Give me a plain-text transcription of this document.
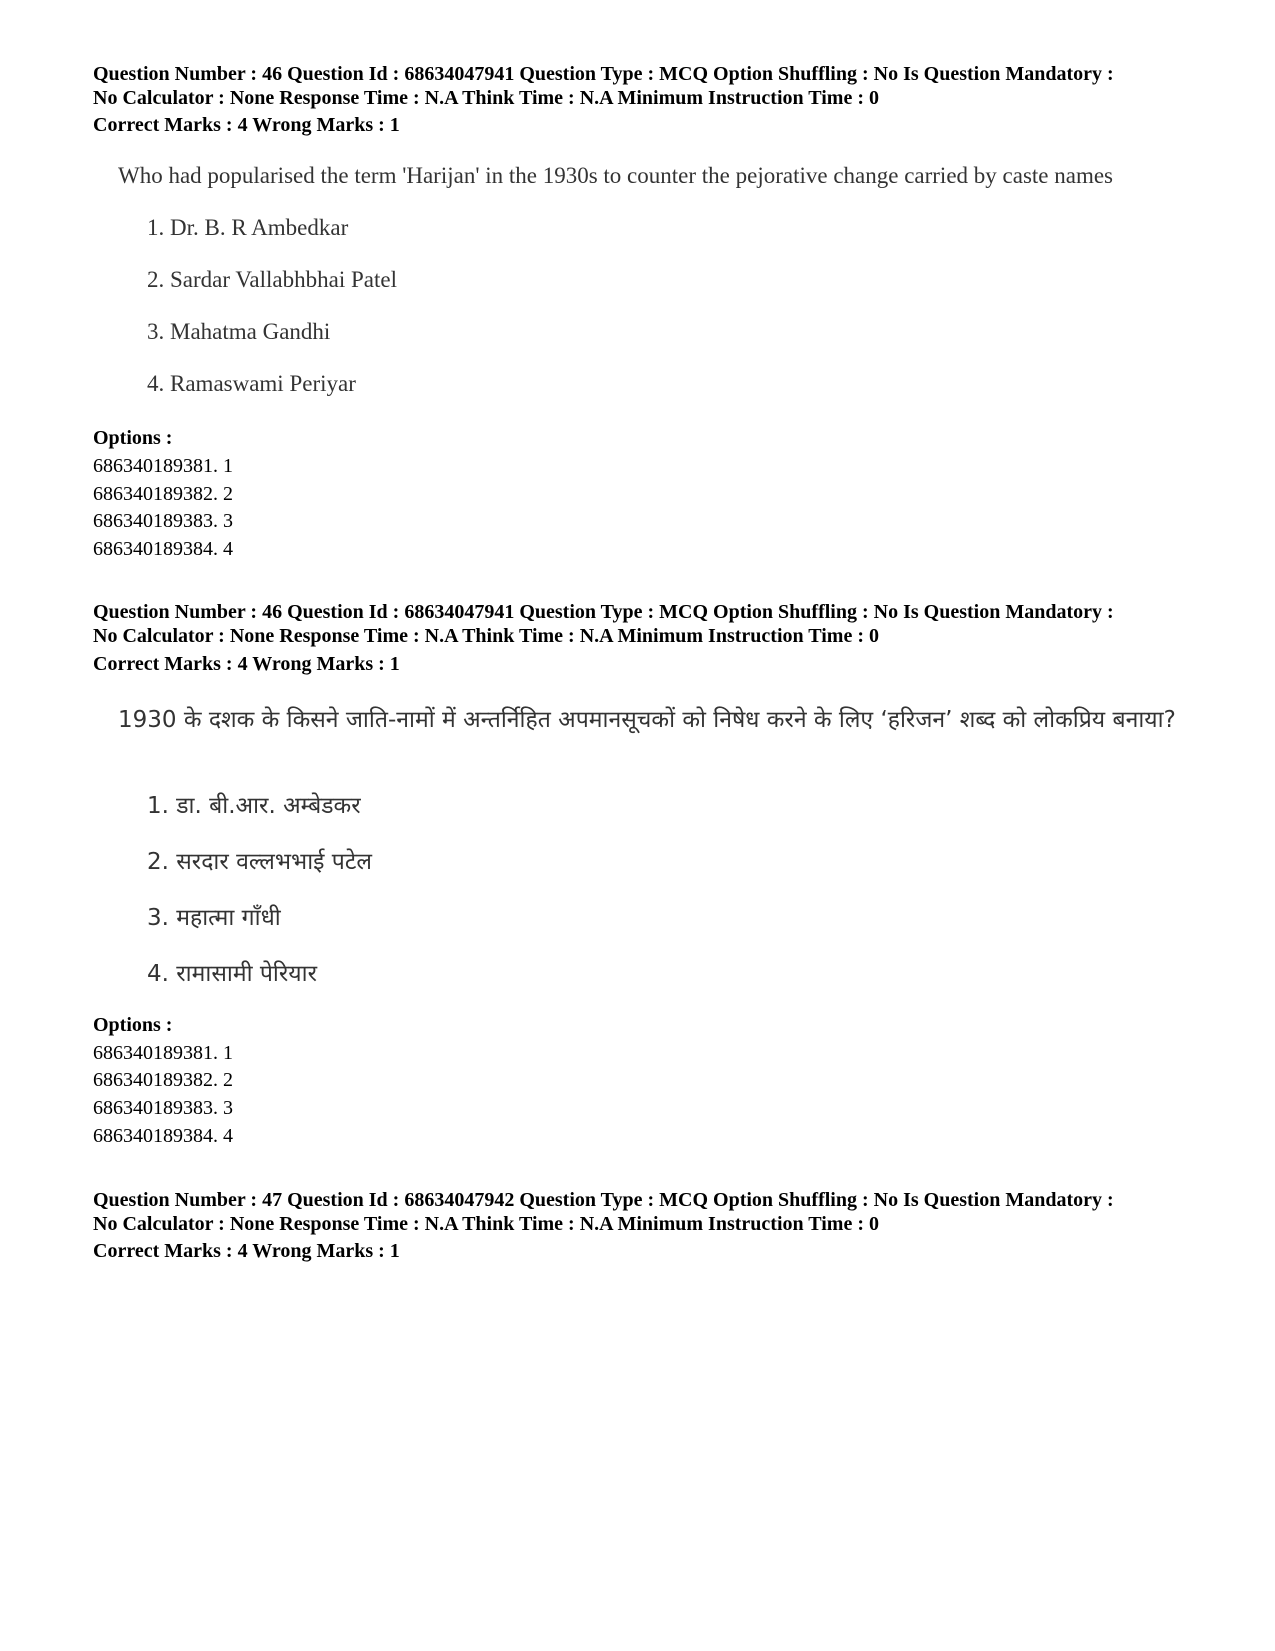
Question Number : 46 Question Id : 68634047941 Question Type : MCQ Option Shuffling : No Is Question Mandatory :
No Calculator : None Response Time : N.A Think Time : N.A Minimum Instruction Time : 0

Correct Marks : 4 Wrong Marks : 1

Who had popularised the term 'Harijan' in the 1930s to counter the pejorative change carried by caste names

1. Dr. B. R Ambedkar

2. Sardar Vallabhbhai Patel

3. Mahatma Gandhi

4. Ramaswami Periyar

Options :

686340189381. 1

686340189382. 2

686340189383. 3

686340189384. 4

Question Number : 46 Question Id : 68634047941 Question Type : MCQ Option Shuffling : No Is Question Mandatory :
No Calculator : None Response Time : N.A Think Time : N.A Minimum Instruction Time : 0

Correct Marks : 4 Wrong Marks : 1

1930 के दशक के किसने जाति-नामों में अन्तर्निहित अपमानसूचकों को निषेध करने के लिए ‘हरिजन’ शब्द को लोकप्रिय बनाया?

1. डा. बी.आर. अम्बेडकर

2. सरदार वल्लभभाई पटेल

3. महात्मा गाँधी

4. रामासामी पेरियार

Options :

686340189381. 1

686340189382. 2

686340189383. 3

686340189384. 4

Question Number : 47 Question Id : 68634047942 Question Type : MCQ Option Shuffling : No Is Question Mandatory :
No Calculator : None Response Time : N.A Think Time : N.A Minimum Instruction Time : 0

Correct Marks : 4 Wrong Marks : 1
